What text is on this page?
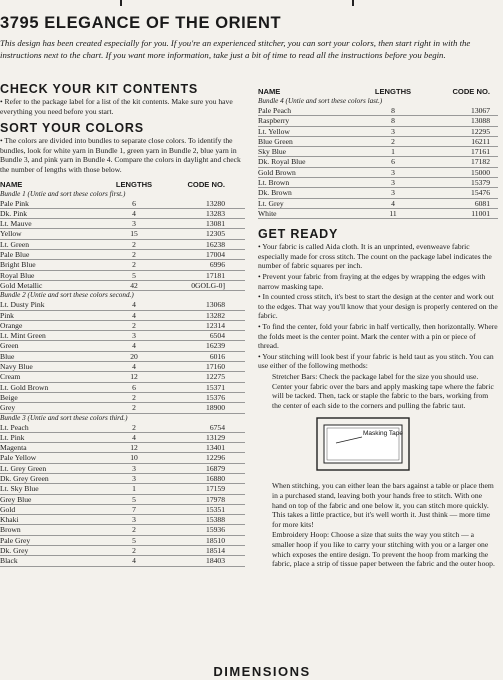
3795 ELEGANCE OF THE ORIENT
This design has been created especially for you. If you're an experienced stitcher, you can sort your colors, then start right in with the instructions next to the chart. If you want more information, take just a bit of time to read all the instructions before you begin.
CHECK YOUR KIT CONTENTS

• Refer to the package label for a list of the kit contents. Make sure you have everything you need before you start.

SORT YOUR COLORS

• The colors are divided into bundles to separate close colors. To identify the bundles, look for white yarn in Bundle 1, green yarn in Bundle 2, blue yarn in Bundle 3, and pink yarn in Bundle 4. Compare the colors in daylight and check the number of lengths with those below.

NAME	LENGTHS	CODE NO.
Bundle 1 (Untie and sort these colors first.)
Pale Pink	6	13280
Dk. Pink	4	13283
Lt. Mauve	3	13081
Yellow	15	12305
Lt. Green	2	16238
Pale Blue	2	17004
Bright Blue	2	6996
Royal Blue	5	17181
Gold Metallic	42	0GOLG-0]
Bundle 2 (Untie and sort these colors second.)
Lt. Dusty Pink	4	13068
Pink	4	13282
Orange	2	12314
Lt. Mint Green	3	6504
Green	4	16239
Blue	20	6016
Navy Blue	4	17160
Cream	12	12275
Lt. Gold Brown	6	15371
Beige	2	15376
Grey	2	18900
Bundle 3 (Untie and sort these colors third.)
Lt. Peach	2	6754
Lt. Pink	4	13129
Magenta	12	13401
Pale Yellow	10	12296
Lt. Grey Green	3	16879
Dk. Grey Green	3	16880
Lt. Sky Blue	1	17159
Grey Blue	5	17978
Gold	7	15351
Khaki	3	15388
Brown	2	15936
Pale Grey	5	18510
Dk. Grey	2	18514
Black	4	18403
NAME	LENGTHS	CODE NO.
Bundle 4 (Untie and sort these colors last.)
Pale Peach	8	13067
Raspberry	8	13088
Lt. Yellow	3	12295
Blue Green	2	16211
Sky Blue	1	17161
Dk. Royal Blue	6	17182
Gold Brown	3	15000
Lt. Brown	3	15379
Dk. Brown	3	15476
Lt. Grey	4	6081
White	11	11001
GET READY

• Your fabric is called Aida cloth. It is an unprinted, evenweave fabric especially made for cross stitch. The count on the package label indicates the number of fabric squares per inch.

• Prevent your fabric from fraying at the edges by wrapping the edges with narrow masking tape.

• In counted cross stitch, it's best to start the design at the center and work out to the edges. That way you'll know that your design is properly centered on the fabric.

• To find the center, fold your fabric in half vertically, then horizontally. Where the folds meet is the center point. Mark the center with a pin or piece of thread.

• Your stitching will look best if your fabric is held taut as you stitch. You can use either of the following methods:

Stretcher Bars: Check the package label for the size you should use. Center your fabric over the bars and apply masking tape where the fabric will be tacked. Then, tack or staple the fabric to the bars, working from the center of each side to the corners and pulling the fabric taut.

Masking Tape

When stitching, you can either lean the bars against a table or place them in a purchased stand, leaving both your hands free to stitch. With one hand on top of the fabric and one below it, you can stitch more quickly. This takes a little practice, but it's well worth it. Just think — more time for more kits!

Embroidery Hoop: Choose a size that suits the way you stitch — a smaller hoop if you like to carry your stitching with you or a larger one which exposes the entire design. To prevent the hoop from marking the fabric, place a strip of tissue paper between the fabric and the outer hoop.

DIMENSIONS
